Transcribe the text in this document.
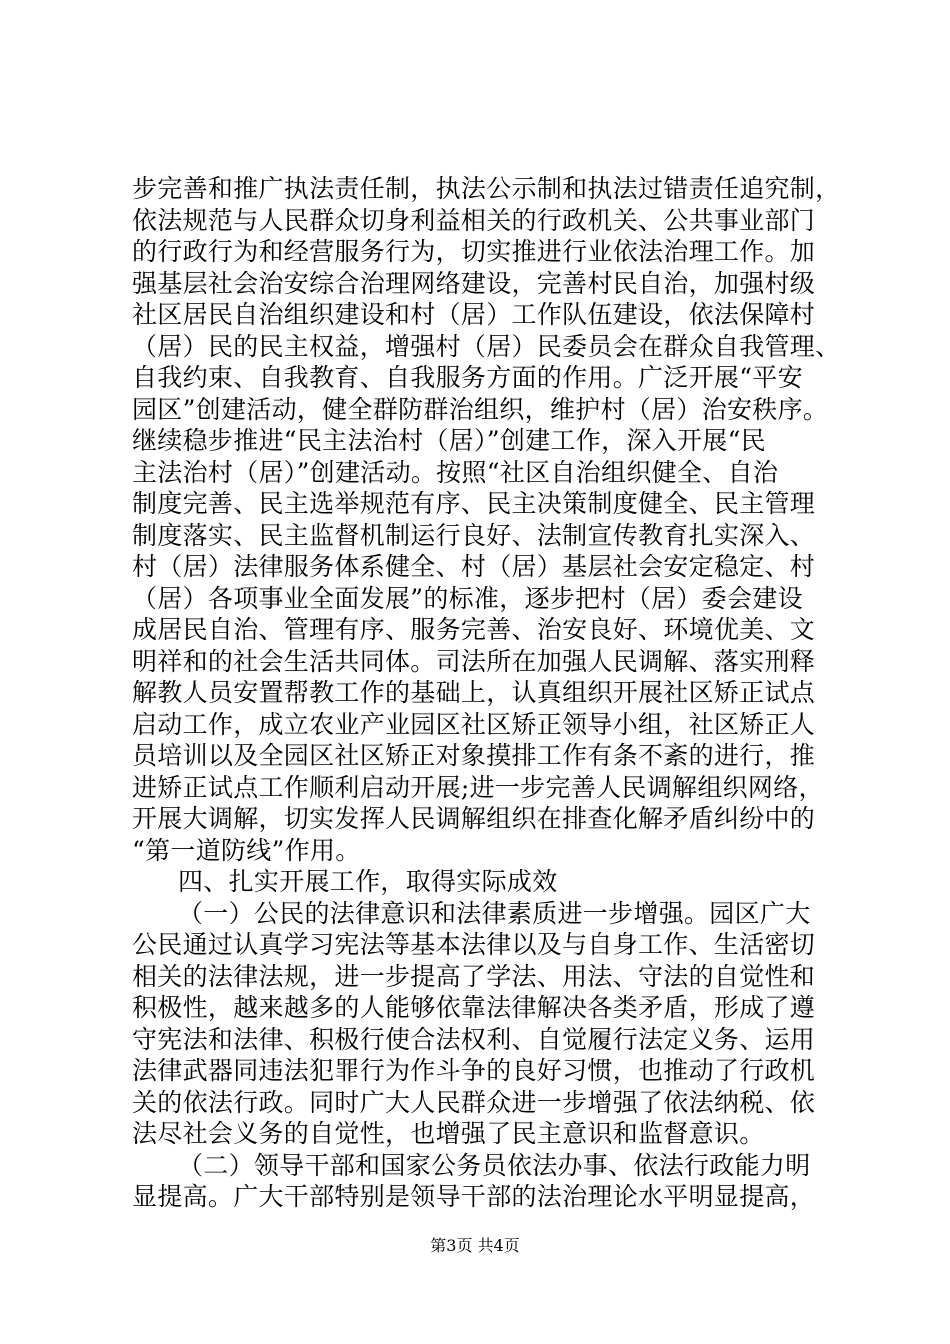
步完善和推广执法责任制，执法公示制和执法过错责任追究制，
依法规范与人民群众切身利益相关的行政机关、公共事业部门
的行政行为和经营服务行为，切实推进行业依法治理工作。加
强基层社会治安综合治理网络建设，完善村民自治，加强村级
社区居民自治组织建设和村（居）工作队伍建设，依法保障村
（居）民的民主权益，增强村（居）民委员会在群众自我管理、
自我约束、自我教育、自我服务方面的作用。广泛开展“平安
园区”创建活动，健全群防群治组织，维护村（居）治安秩序。
继续稳步推进“民主法治村（居）”创建工作，深入开展“民
主法治村（居）”创建活动。按照“社区自治组织健全、自治
制度完善、民主选举规范有序、民主决策制度健全、民主管理
制度落实、民主监督机制运行良好、法制宣传教育扎实深入、
村（居）法律服务体系健全、村（居）基层社会安定稳定、村
（居）各项事业全面发展”的标准，逐步把村（居）委会建设
成居民自治、管理有序、服务完善、治安良好、环境优美、文
明祥和的社会生活共同体。司法所在加强人民调解、落实刑释
解教人员安置帮教工作的基础上，认真组织开展社区矫正试点
启动工作，成立农业产业园区社区矫正领导小组，社区矫正人
员培训以及全园区社区矫正对象摸排工作有条不紊的进行，推
进矫正试点工作顺利启动开展;进一步完善人民调解组织网络，
开展大调解，切实发挥人民调解组织在排查化解矛盾纠纷中的
“第一道防线”作用。
四、扎实开展工作，取得实际成效
（一）公民的法律意识和法律素质进一步增强。园区广大
公民通过认真学习宪法等基本法律以及与自身工作、生活密切
相关的法律法规，进一步提高了学法、用法、守法的自觉性和
积极性，越来越多的人能够依靠法律解决各类矛盾，形成了遵
守宪法和法律、积极行使合法权利、自觉履行法定义务、运用
法律武器同违法犯罪行为作斗争的良好习惯，也推动了行政机
关的依法行政。同时广大人民群众进一步增强了依法纳税、依
法尽社会义务的自觉性，也增强了民主意识和监督意识。
（二）领导干部和国家公务员依法办事、依法行政能力明
显提高。广大干部特别是领导干部的法治理论水平明显提高，
第3页 共4页
